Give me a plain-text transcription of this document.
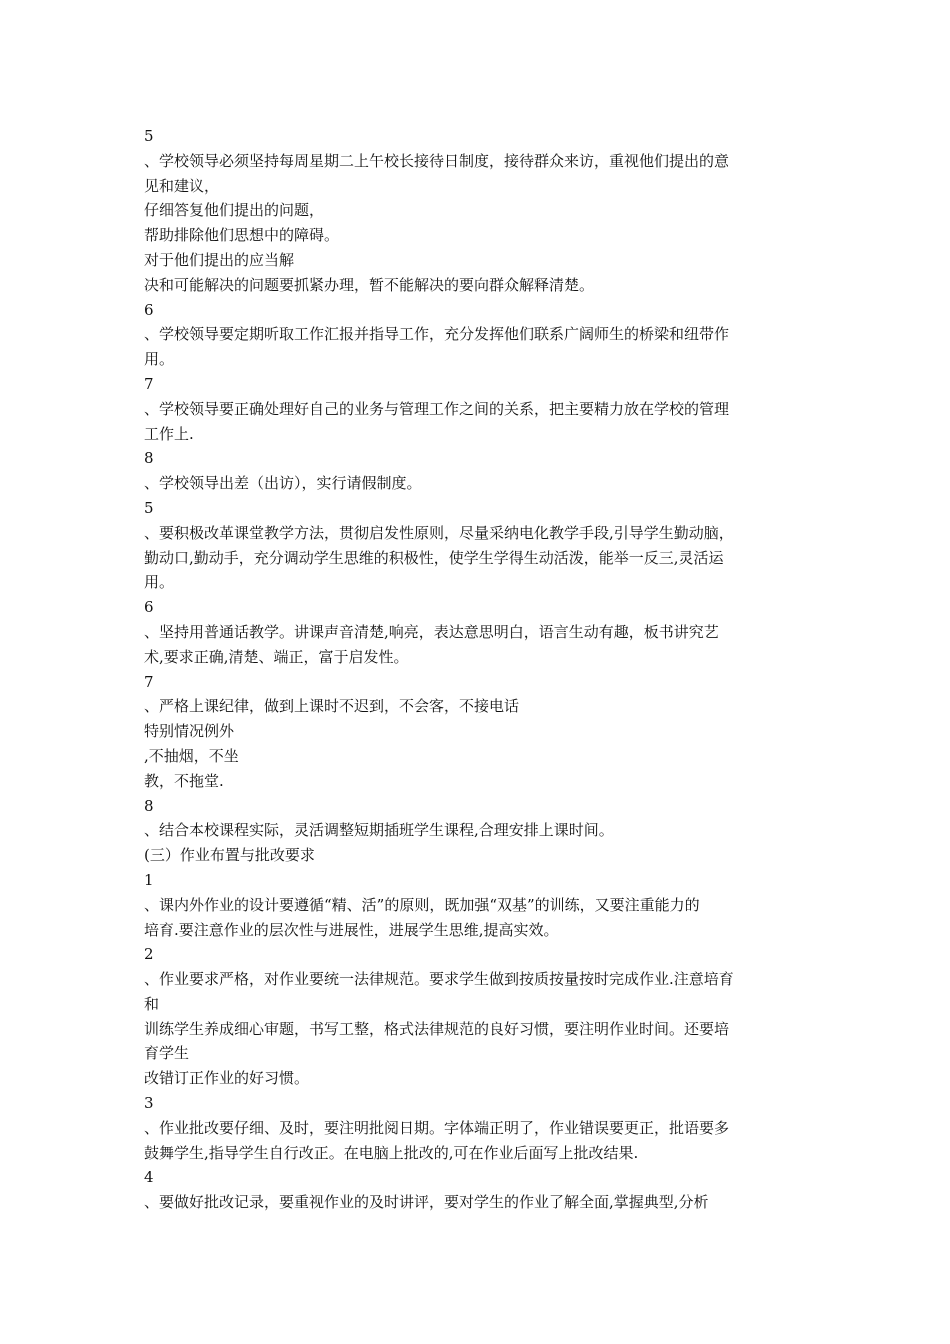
5
、学校领导必须坚持每周星期二上午校长接待日制度，接待群众来访，重视他们提出的意
见和建议，
仔细答复他们提出的问题，
帮助排除他们思想中的障碍。
对于他们提出的应当解
决和可能解决的问题要抓紧办理，暂不能解决的要向群众解释清楚。
6
、学校领导要定期听取工作汇报并指导工作，充分发挥他们联系广阔师生的桥梁和纽带作
用。
7
、学校领导要正确处理好自己的业务与管理工作之间的关系，把主要精力放在学校的管理
工作上.
8
、学校领导出差（出访），实行请假制度。
5
、要积极改革课堂教学方法，贯彻启发性原则，尽量采纳电化教学手段,引导学生勤动脑，
勤动口,勤动手，充分调动学生思维的积极性，使学生学得生动活泼，能举一反三,灵活运
用。
6
、坚持用普通话教学。讲课声音清楚,响亮，表达意思明白，语言生动有趣，板书讲究艺
术,要求正确,清楚、端正，富于启发性。
7
、严格上课纪律，做到上课时不迟到，不会客，不接电话
特别情况例外
,不抽烟，不坐
教，不拖堂.
8
、结合本校课程实际，灵活调整短期插班学生课程,合理安排上课时间。
(三）作业布置与批改要求
1
、课内外作业的设计要遵循“精、活”的原则，既加强“双基”的训练，又要注重能力的
培育.要注意作业的层次性与进展性，进展学生思维,提高实效。
2
、作业要求严格，对作业要统一法律规范。要求学生做到按质按量按时完成作业.注意培育
和
训练学生养成细心审题，书写工整，格式法律规范的良好习惯，要注明作业时间。还要培
育学生
改错订正作业的好习惯。
3
、作业批改要仔细、及时，要注明批阅日期。字体端正明了，作业错误要更正，批语要多
鼓舞学生,指导学生自行改正。在电脑上批改的,可在作业后面写上批改结果.
4
、要做好批改记录，要重视作业的及时讲评，要对学生的作业了解全面,掌握典型,分析
